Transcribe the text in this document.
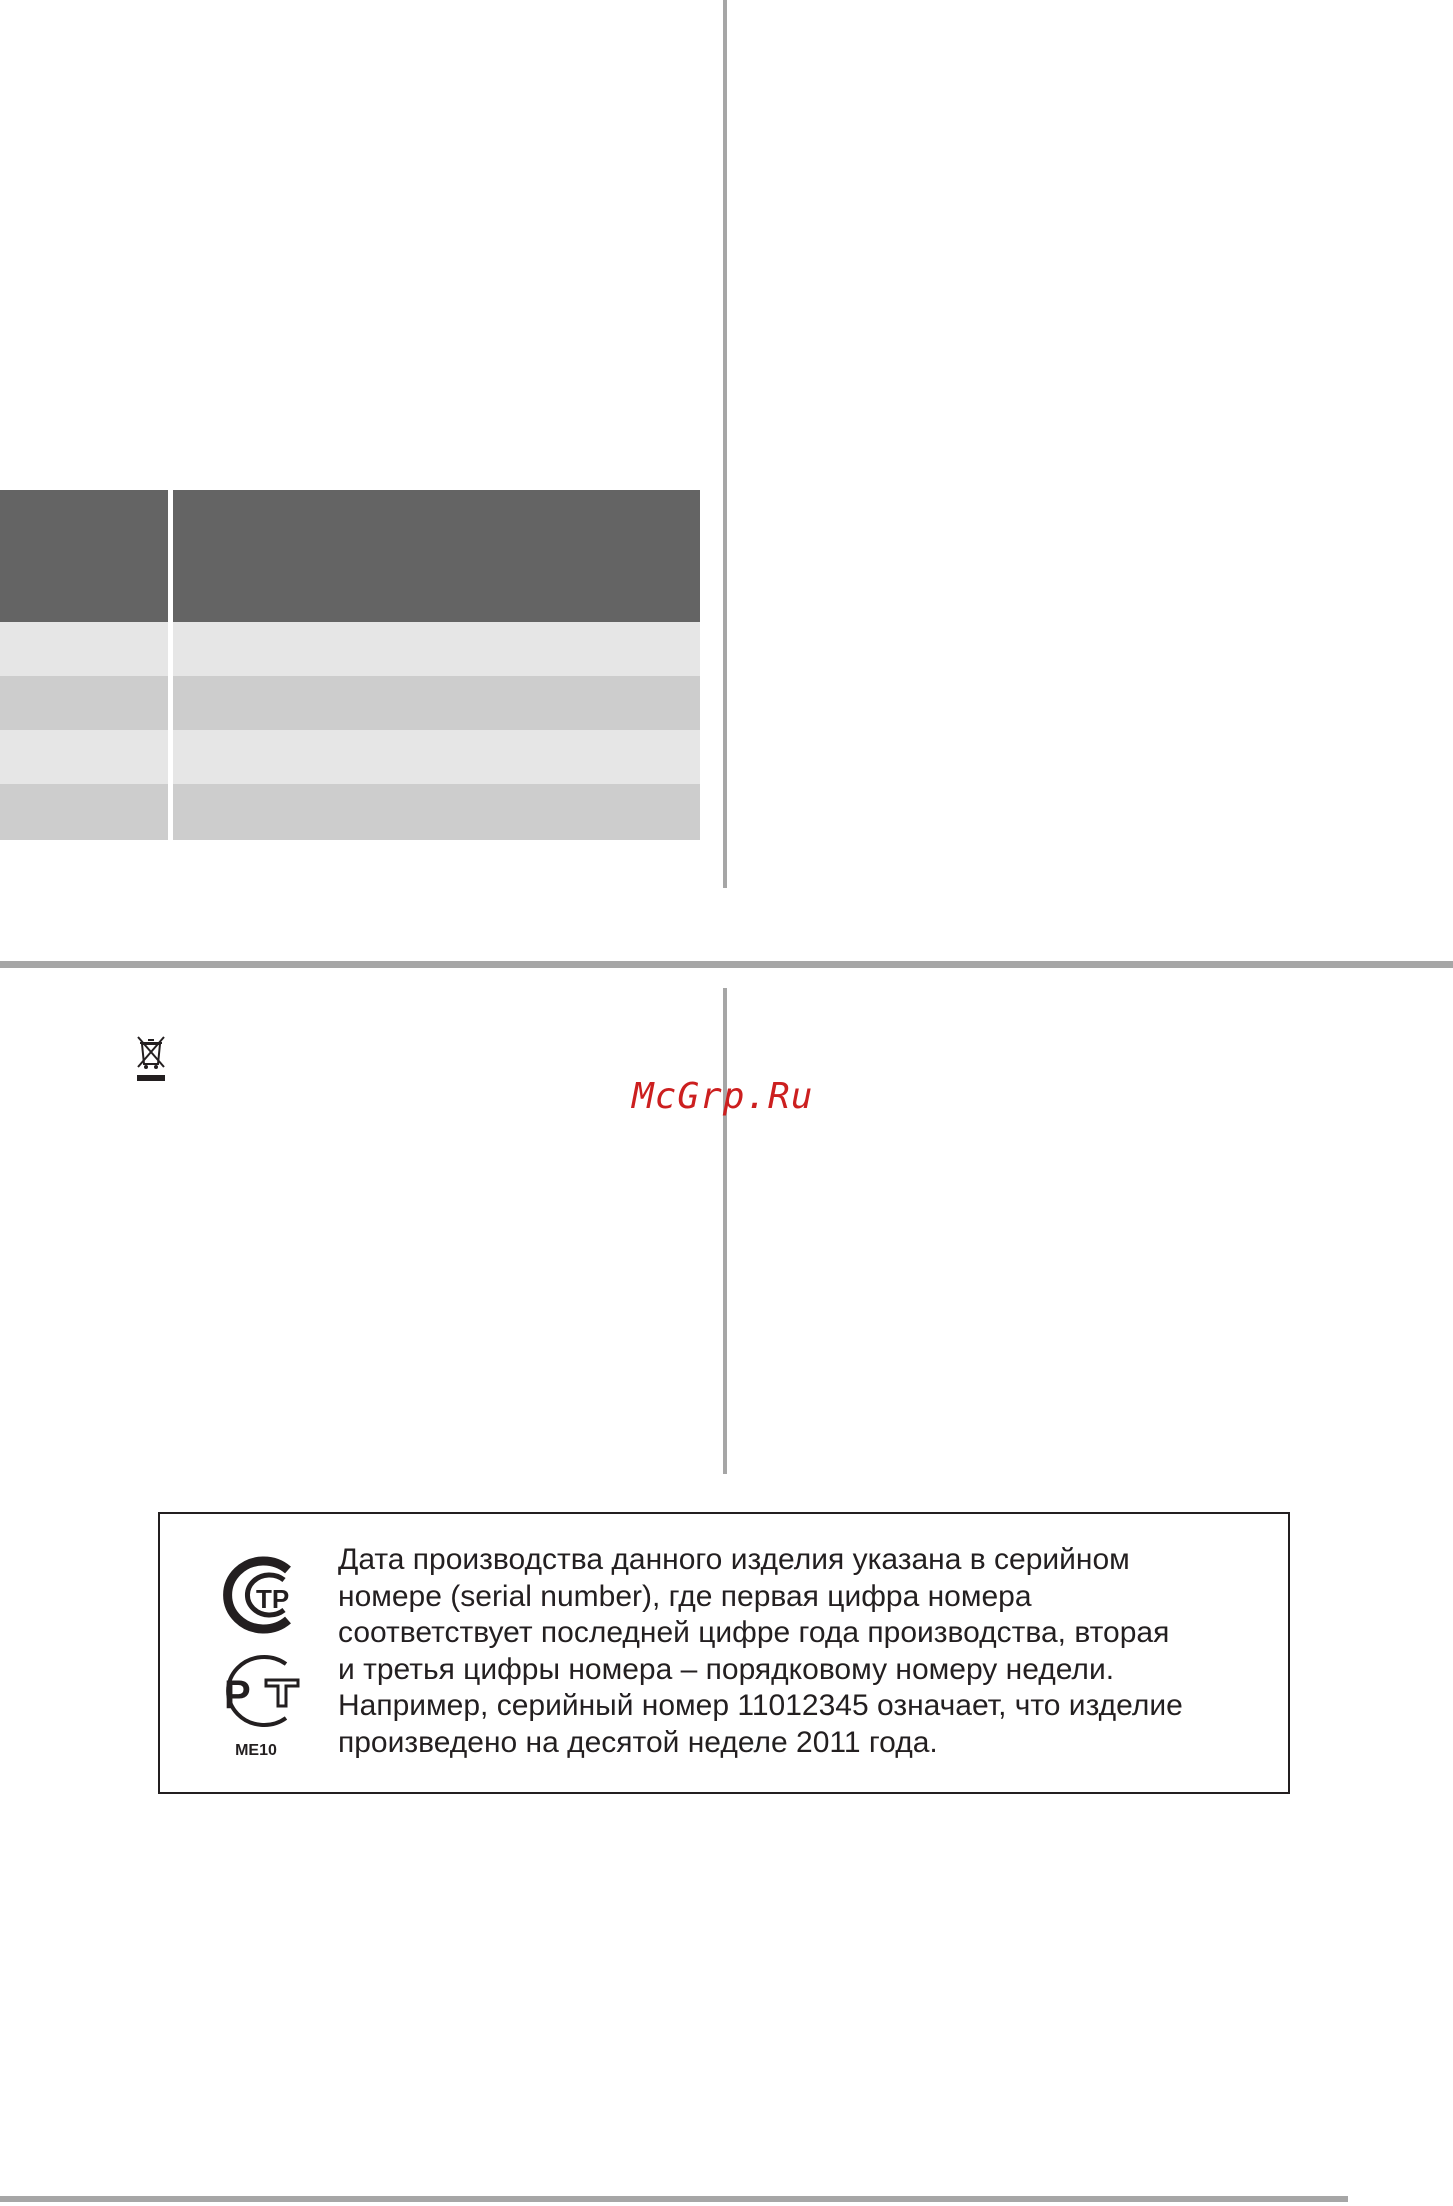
McGrp.Ru
ТР
Р
ME10

Дата производства данного изделия указана в серийном
номере (serial number), где первая цифра номера
соответствует последней цифре года производства, вторая
и третья цифры номера – порядковому номеру недели.
Например, серийный номер 11012345 означает, что изделие
произведено на десятой неделе 2011 года.
